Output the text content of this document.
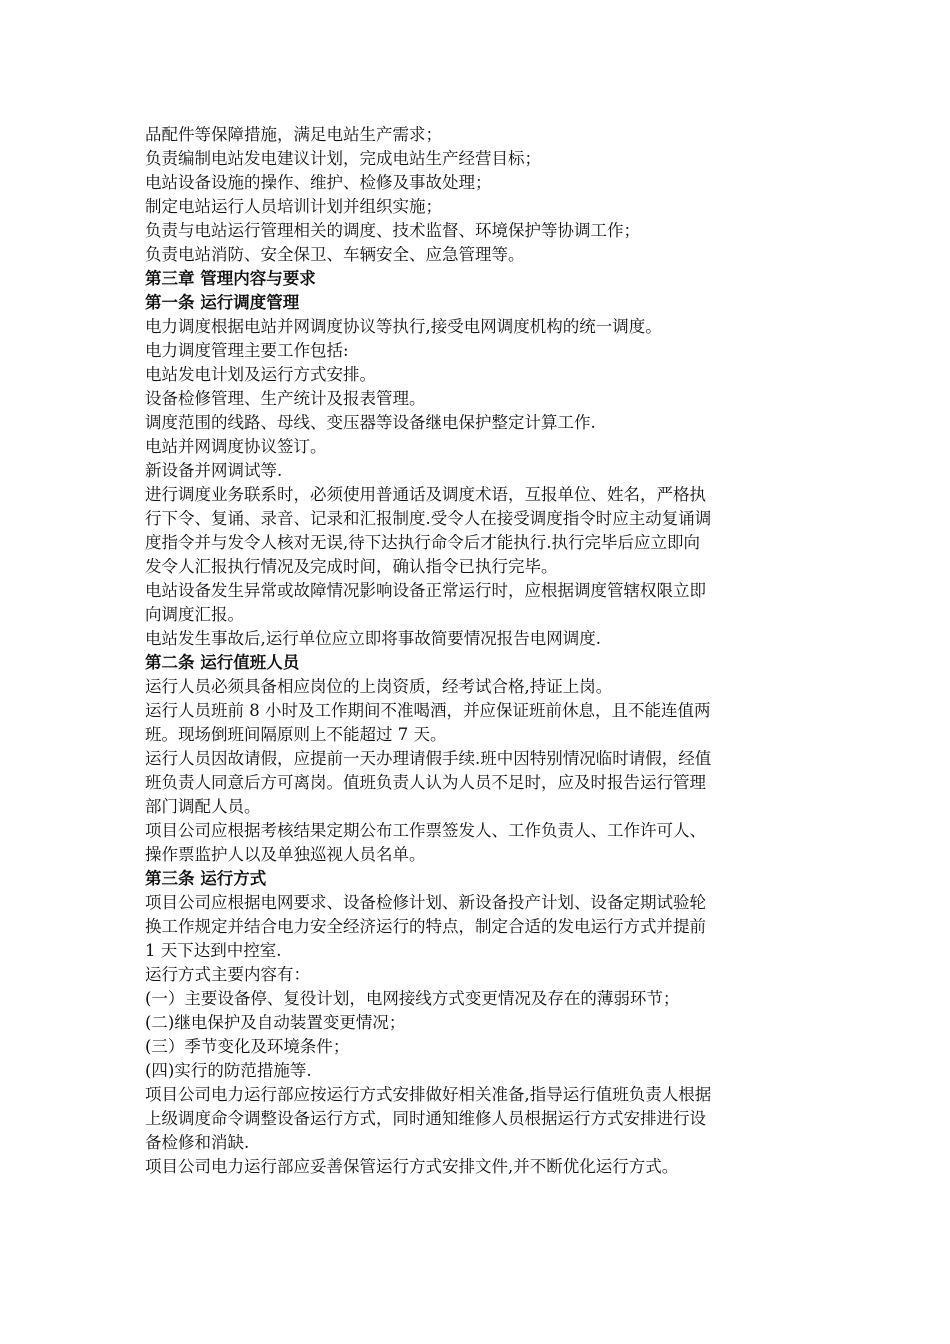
品配件等保障措施，满足电站生产需求；

负责编制电站发电建议计划，完成电站生产经营目标；

电站设备设施的操作、维护、检修及事故处理；

制定电站运行人员培训计划并组织实施；

负责与电站运行管理相关的调度、技术监督、环境保护等协调工作；

负责电站消防、安全保卫、车辆安全、应急管理等。

第三章 管理内容与要求

第一条 运行调度管理

电力调度根据电站并网调度协议等执行,接受电网调度机构的统一调度。

电力调度管理主要工作包括:

电站发电计划及运行方式安排。

设备检修管理、生产统计及报表管理。

调度范围的线路、母线、变压器等设备继电保护整定计算工作.

电站并网调度协议签订。

新设备并网调试等.

进行调度业务联系时，必须使用普通话及调度术语，互报单位、姓名，严格执

行下令、复诵、录音、记录和汇报制度.受令人在接受调度指令时应主动复诵调

度指令并与发令人核对无误,待下达执行命令后才能执行.执行完毕后应立即向

发令人汇报执行情况及完成时间，确认指令已执行完毕。

电站设备发生异常或故障情况影响设备正常运行时，应根据调度管辖权限立即

向调度汇报。

电站发生事故后,运行单位应立即将事故简要情况报告电网调度.

第二条 运行值班人员

运行人员必须具备相应岗位的上岗资质，经考试合格,持证上岗。

运行人员班前 8 小时及工作期间不准喝酒，并应保证班前休息，且不能连值两

班。现场倒班间隔原则上不能超过 7 天。

运行人员因故请假，应提前一天办理请假手续.班中因特别情况临时请假，经值

班负责人同意后方可离岗。值班负责人认为人员不足时，应及时报告运行管理

部门调配人员。

项目公司应根据考核结果定期公布工作票签发人、工作负责人、工作许可人、

操作票监护人以及单独巡视人员名单。

第三条 运行方式

项目公司应根据电网要求、设备检修计划、新设备投产计划、设备定期试验轮

换工作规定并结合电力安全经济运行的特点，制定合适的发电运行方式并提前

1 天下达到中控室.

运行方式主要内容有：

(一）主要设备停、复役计划，电网接线方式变更情况及存在的薄弱环节；

(二)继电保护及自动装置变更情况；

(三）季节变化及环境条件；

(四)实行的防范措施等.

项目公司电力运行部应按运行方式安排做好相关准备,指导运行值班负责人根据

上级调度命令调整设备运行方式，同时通知维修人员根据运行方式安排进行设

备检修和消缺.

项目公司电力运行部应妥善保管运行方式安排文件,并不断优化运行方式。
